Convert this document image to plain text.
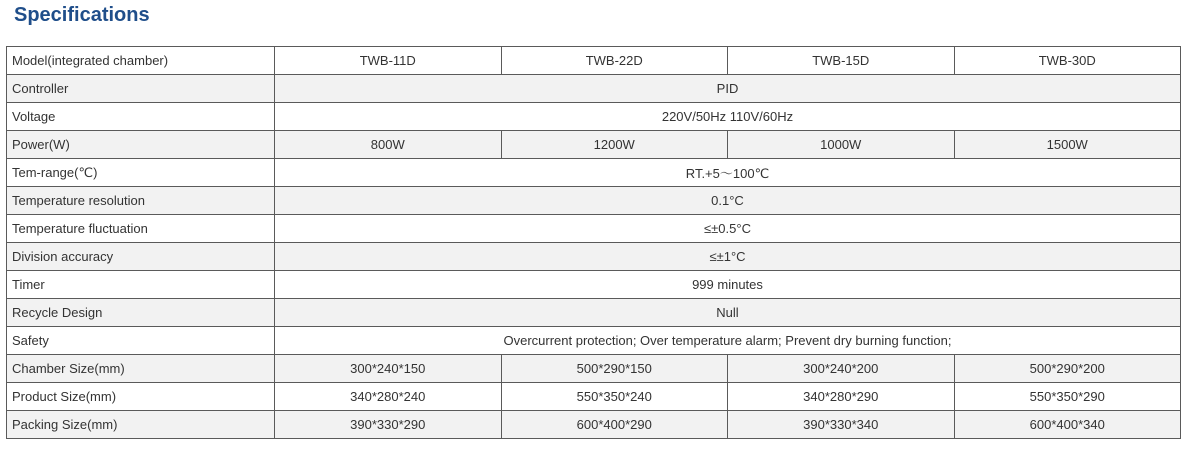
Specifications
Model(integrated chamber)	TWB-11D	TWB-22D	TWB-15D	TWB-30D
Controller	PID			
Voltage	220V/50Hz 110V/60Hz			
Power(W)	800W	1200W	1000W	1500W
Tem-range(℃)	RT.+5～100℃			
Temperature resolution	0.1°C			
Temperature fluctuation	≤±0.5°C			
Division accuracy	≤±1°C			
Timer	999 minutes			
Recycle Design	Null			
Safety	Overcurrent protection; Over temperature alarm; Prevent dry burning function;			
Chamber Size(mm)	300*240*150	500*290*150	300*240*200	500*290*200
Product Size(mm)	340*280*240	550*350*240	340*280*290	550*350*290
Packing Size(mm)	390*330*290	600*400*290	390*330*340	600*400*340
